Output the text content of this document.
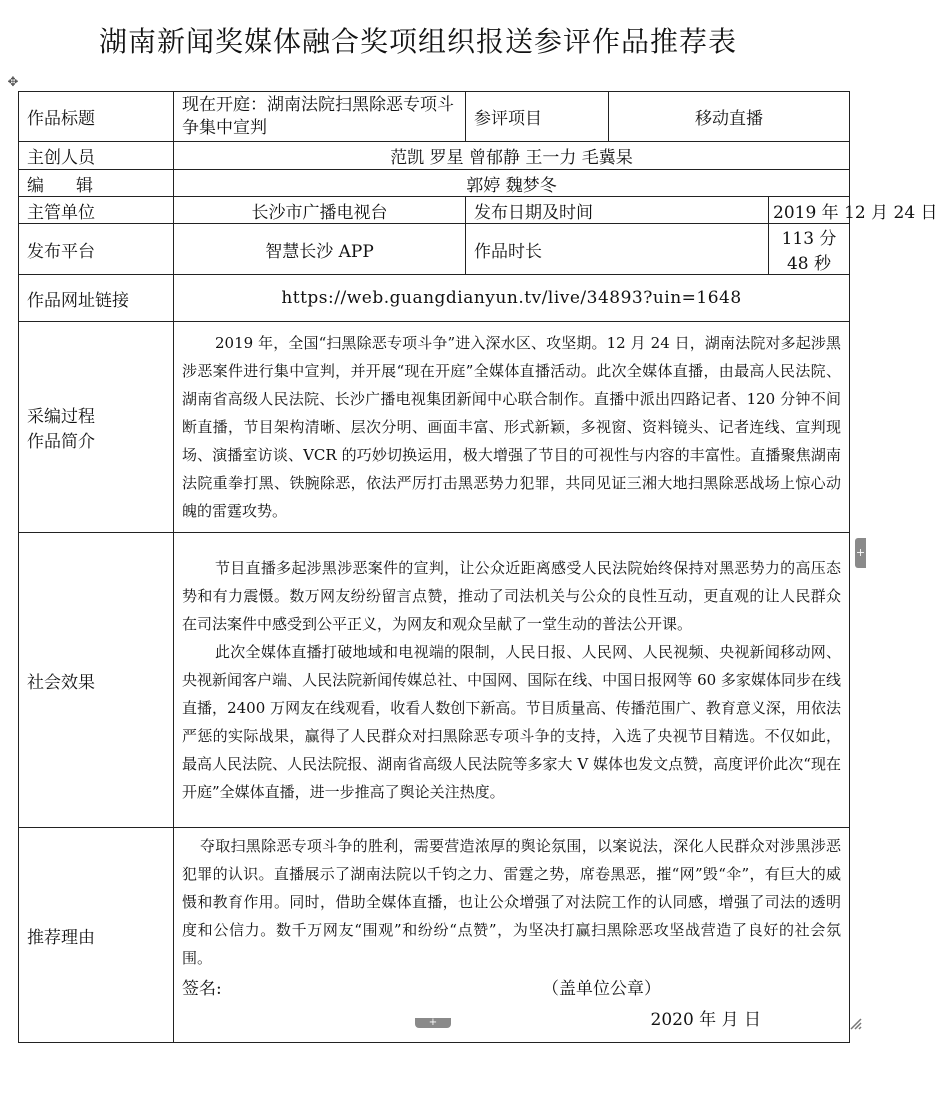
湖南新闻奖媒体融合奖项组织报送参评作品推荐表
✥
作品标题	现在开庭：湖南法院扫黑除恶专项斗争集中宣判	参评项目	移动直播	
主创人员	范凯 罗星 曾郁静 王一力 毛冀杲			
编辑	郭婷 魏梦冬			
主管单位	长沙市广播电视台	发布日期及时间		2019 年 12 月 24 日
发布平台	智慧长沙 APP	作品时长		113 分 48 秒
作品网址链接	https://web.guangdianyun.tv/live/34893?uin=1648			

采编过程
作品简介	2019 年，全国“扫黑除恶专项斗争”进入深水区、攻坚期。12 月 24 日，湖南法院对多起涉黑涉恶案件进行集中宣判，并开展“现在开庭”全媒体直播活动。此次全媒体直播，由最高人民法院、湖南省高级人民法院、长沙广播电视集团新闻中心联合制作。直播中派出四路记者、120 分钟不间断直播，节目架构清晰、层次分明、画面丰富、形式新颖，多视窗、资料镜头、记者连线、宣判现场、演播室访谈、VCR 的巧妙切换运用，极大增强了节目的可视性与内容的丰富性。直播聚焦湖南法院重拳打黑、铁腕除恶，依法严厉打击黑恶势力犯罪，共同见证三湘大地扫黑除恶战场上惊心动魄的雷霆攻势。			

社会效果	节目直播多起涉黑涉恶案件的宣判，让公众近距离感受人民法院始终保持对黑恶势力的高压态势和有力震慑。数万网友纷纷留言点赞，推动了司法机关与公众的良性互动，更直观的让人民群众在司法案件中感受到公平正义，为网友和观众呈献了一堂生动的普法公开课。

此次全媒体直播打破地域和电视端的限制，人民日报、人民网、人民视频、央视新闻移动网、央视新闻客户端、人民法院新闻传媒总社、中国网、国际在线、中国日报网等 60 多家媒体同步在线直播，2400 万网友在线观看，收看人数创下新高。节目质量高、传播范围广、教育意义深，用依法严惩的实际战果，赢得了人民群众对扫黑除恶专项斗争的支持，入选了央视节目精选。不仅如此，最高人民法院、人民法院报、湖南省高级人民法院等多家大 V 媒体也发文点赞，高度评价此次“现在开庭”全媒体直播，进一步推高了舆论关注热度。			

推荐理由	夺取扫黑除恶专项斗争的胜利，需要营造浓厚的舆论氛围，以案说法，深化人民群众对涉黑涉恶犯罪的认识。直播展示了湖南法院以千钧之力、雷霆之势，席卷黑恶，摧“网”毁“伞”，有巨大的威慑和教育作用。同时，借助全媒体直播，也让公众增强了对法院工作的认同感，增强了司法的透明度和公信力。数千万网友“围观”和纷纷“点赞”，为坚决打赢扫黑除恶攻坚战营造了良好的社会氛围。

签名: （盖单位公章）
2020 年 月 日			
+
+
